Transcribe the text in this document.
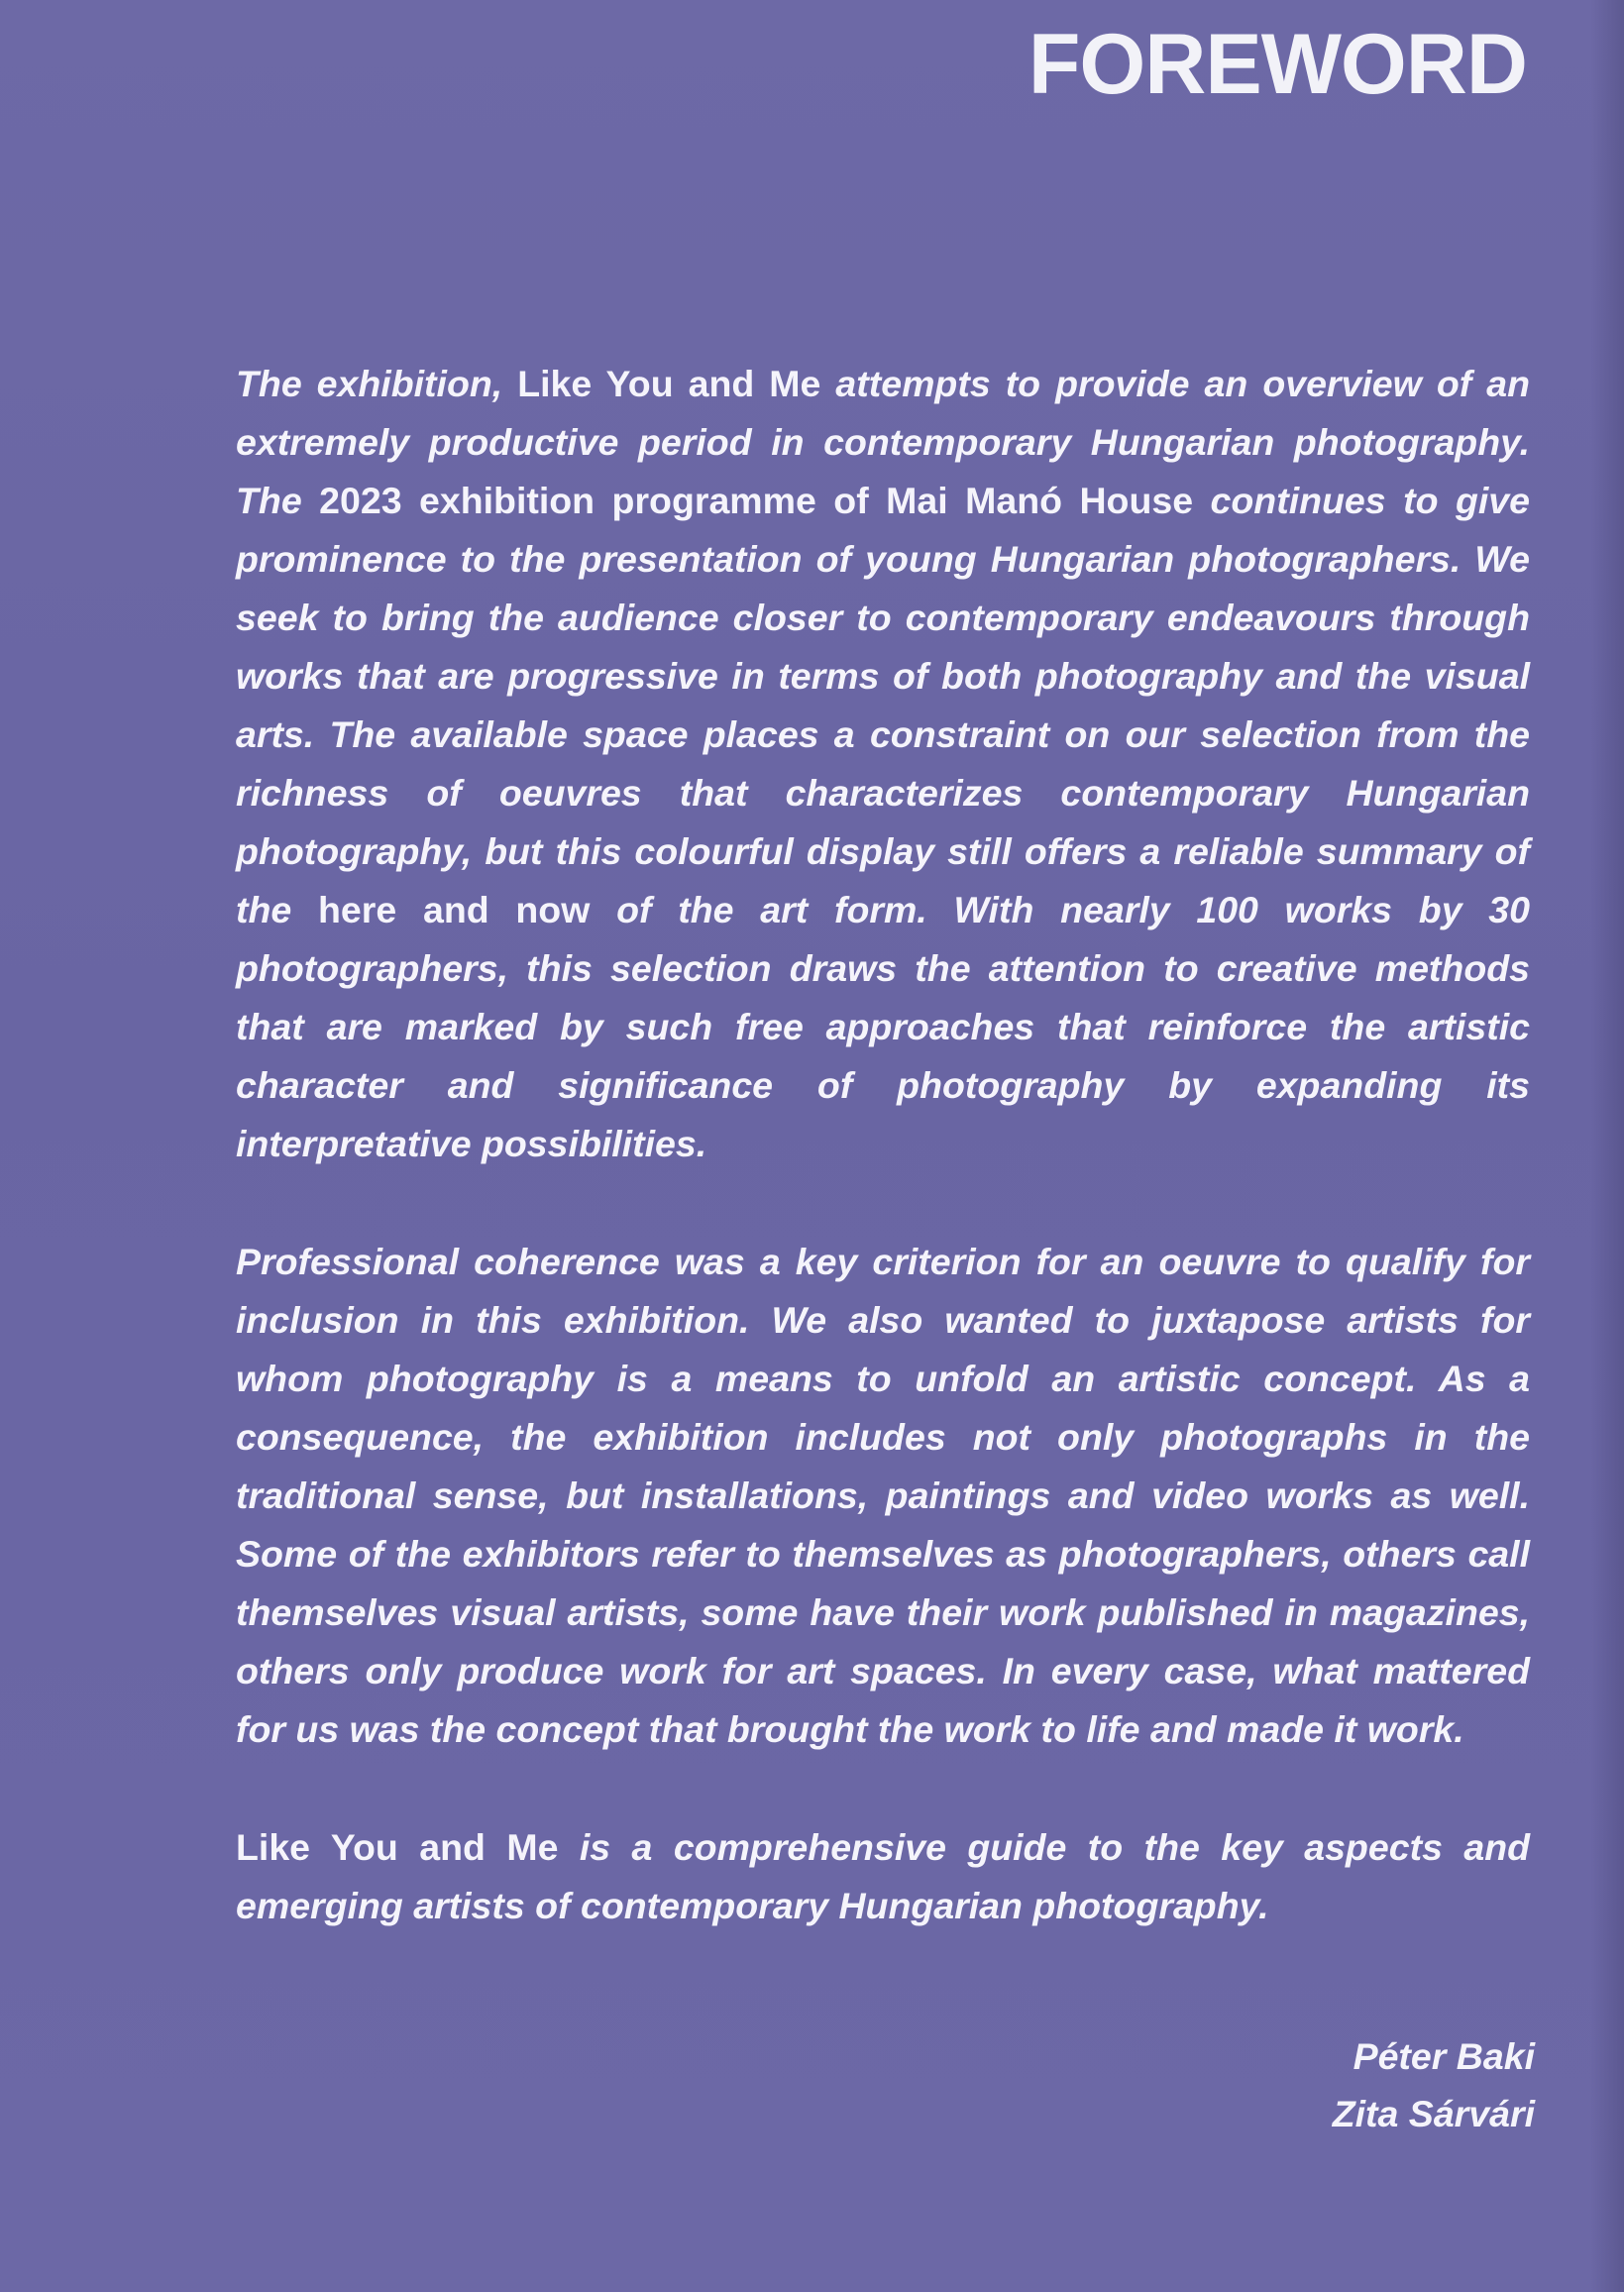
FOREWORD

The exhibition, Like You and Me attempts to provide an overview of an extremely productive period in contemporary Hungarian photography. The 2023 exhibition programme of Mai Manó House continues to give prominence to the presentation of young Hungarian photographers. We seek to bring the audience closer to contemporary endeavours through works that are progressive in terms of both photography and the visual arts. The available space places a constraint on our selection from the richness of oeuvres that characterizes contemporary Hungarian photography, but this colourful display still offers a reliable summary of the here and now of the art form. With nearly 100 works by 30 photographers, this selection draws the attention to creative methods that are marked by such free approaches that reinforce the artistic character and significance of photography by expanding its interpretative possibilities.

Professional coherence was a key criterion for an oeuvre to qualify for inclusion in this exhibition. We also wanted to juxtapose artists for whom photography is a means to unfold an artistic concept. As a consequence, the exhibition includes not only photographs in the traditional sense, but installations, paintings and video works as well. Some of the exhibitors refer to themselves as photographers, others call themselves visual artists, some have their work published in magazines, others only produce work for art spaces. In every case, what mattered for us was the concept that brought the work to life and made it work.

Like You and Me is a comprehensive guide to the key aspects and emerging artists of contemporary Hungarian photography.

Péter Baki
Zita Sárvári
